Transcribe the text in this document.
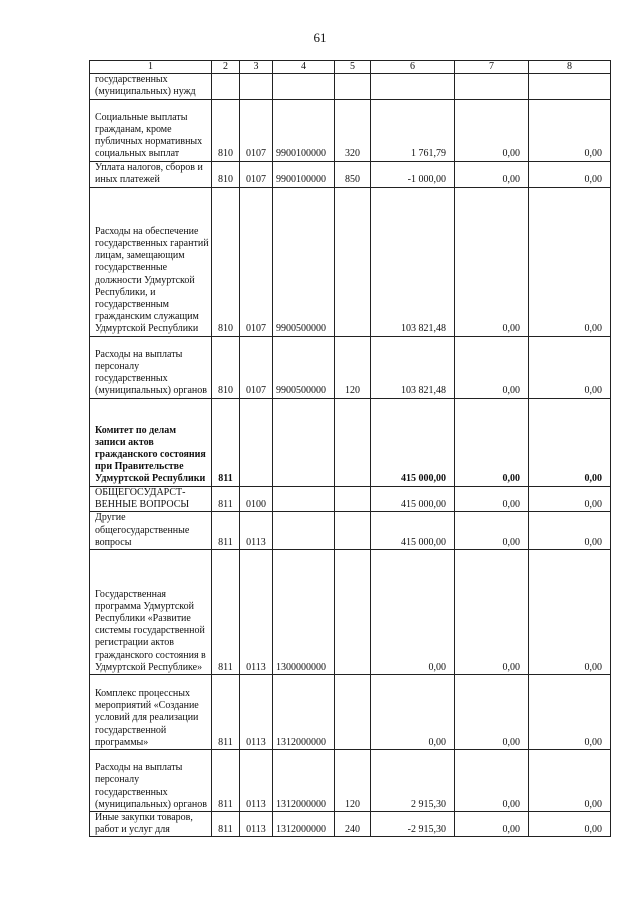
61
1	2	3	4	5	6	7	8
государственных (муниципальных) нужд							
Социальные выплаты гражданам, кроме публичных нормативных социальных выплат	810	0107	9900100000	320	1 761,79	0,00	0,00
Уплата налогов, сборов и иных платежей	810	0107	9900100000	850	-1 000,00	0,00	0,00
Расходы на обеспечение государственных гарантий лицам, замещающим государственные должности Удмуртской Республики, и государственным гражданским служащим Удмуртской Республики	810	0107	9900500000		103 821,48	0,00	0,00
Расходы на выплаты персоналу государственных (муниципальных) органов	810	0107	9900500000	120	103 821,48	0,00	0,00
Комитет по делам записи актов гражданского состояния при Правительстве Удмуртской Республики	811				415 000,00	0,00	0,00
ОБЩЕГОСУДАРСТ-ВЕННЫЕ ВОПРОСЫ	811	0100			415 000,00	0,00	0,00
Другие общегосударственные вопросы	811	0113			415 000,00	0,00	0,00
Государственная программа Удмуртской Республики «Развитие системы государственной регистрации актов гражданского состояния в Удмуртской Республике»	811	0113	1300000000		0,00	0,00	0,00
Комплекс процессных мероприятий «Создание условий для реализации государственной программы»	811	0113	1312000000		0,00	0,00	0,00
Расходы на выплаты персоналу государственных (муниципальных) органов	811	0113	1312000000	120	2 915,30	0,00	0,00
Иные закупки товаров, работ и услуг для	811	0113	1312000000	240	-2 915,30	0,00	0,00
